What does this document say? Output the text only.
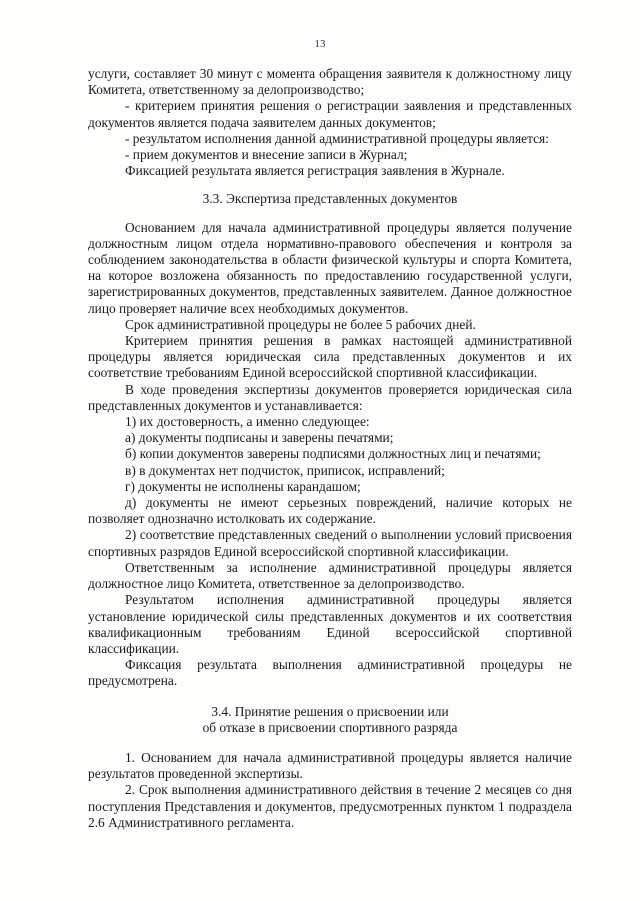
13

услуги, составляет 30 минут с момента обращения заявителя к должностному лицу Комитета, ответственному за делопроизводство;

- критерием принятия решения о регистрации заявления и представленных документов является подача заявителем данных документов;

- результатом исполнения данной административной процедуры является:

- прием документов и внесение записи в Журнал;

Фиксацией результата является регистрация заявления в Журнале.

3.3. Экспертиза представленных документов

Основанием для начала административной процедуры является получение должностным лицом отдела нормативно-правового обеспечения и контроля за соблюдением законодательства в области физической культуры и спорта Комитета, на которое возложена обязанность по предоставлению государственной услуги, зарегистрированных документов, представленных заявителем. Данное должностное лицо проверяет наличие всех необходимых документов.

Срок административной процедуры не более 5 рабочих дней.

Критерием принятия решения в рамках настоящей административной процедуры является юридическая сила представленных документов и их соответствие требованиям Единой всероссийской спортивной классификации.

В ходе проведения экспертизы документов проверяется юридическая сила представленных документов и устанавливается:

1) их достоверность, а именно следующее:

а) документы подписаны и заверены печатями;

б) копии документов заверены подписями должностных лиц и печатями;

в) в документах нет подчисток, приписок, исправлений;

г) документы не исполнены карандашом;

д) документы не имеют серьезных повреждений, наличие которых не позволяет однозначно истолковать их содержание.

2) соответствие представленных сведений о выполнении условий присвоения спортивных разрядов Единой всероссийской спортивной классификации.

Ответственным за исполнение административной процедуры является должностное лицо Комитета, ответственное за делопроизводство.

Результатом исполнения административной процедуры является установление юридической силы представленных документов и их соответствия квалификационным требованиям Единой всероссийской спортивной классификации.

Фиксация результата выполнения административной процедуры не предусмотрена.

3.4. Принятие решения о присвоении или

об отказе в присвоении спортивного разряда

1. Основанием для начала административной процедуры является наличие результатов проведенной экспертизы.

2. Срок выполнения административного действия в течение 2 месяцев со дня поступления Представления и документов, предусмотренных пунктом 1 подраздела 2.6 Административного регламента.
